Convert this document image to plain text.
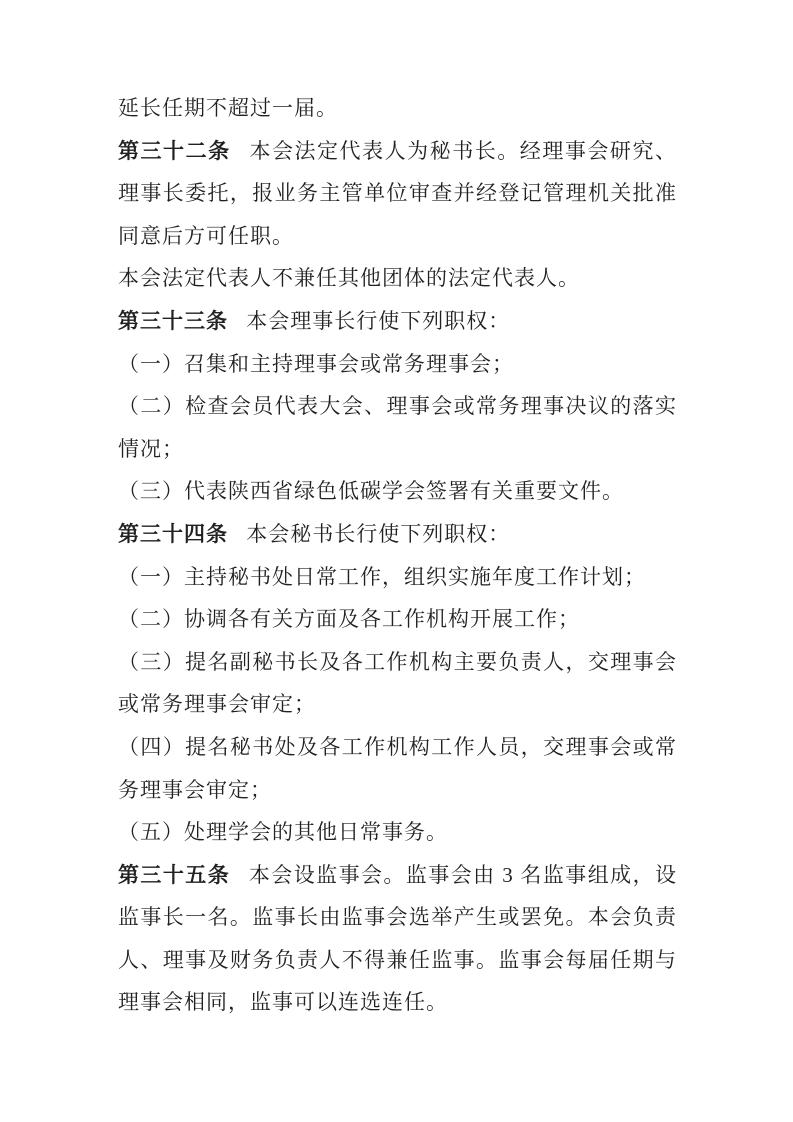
延长任期不超过一届。

第三十二条 本会法定代表人为秘书长。经理事会研究、理事长委托，报业务主管单位审查并经登记管理机关批准同意后方可任职。

本会法定代表人不兼任其他团体的法定代表人。

第三十三条 本会理事长行使下列职权：

（一）召集和主持理事会或常务理事会；

（二）检查会员代表大会、理事会或常务理事决议的落实情况；

（三）代表陕西省绿色低碳学会签署有关重要文件。

第三十四条 本会秘书长行使下列职权：

（一）主持秘书处日常工作，组织实施年度工作计划；

（二）协调各有关方面及各工作机构开展工作；

（三）提名副秘书长及各工作机构主要负责人，交理事会或常务理事会审定；

（四）提名秘书处及各工作机构工作人员，交理事会或常务理事会审定；

（五）处理学会的其他日常事务。

第三十五条 本会设监事会。监事会由 3 名监事组成，设监事长一名。监事长由监事会选举产生或罢免。本会负责人、理事及财务负责人不得兼任监事。监事会每届任期与理事会相同，监事可以连选连任。
